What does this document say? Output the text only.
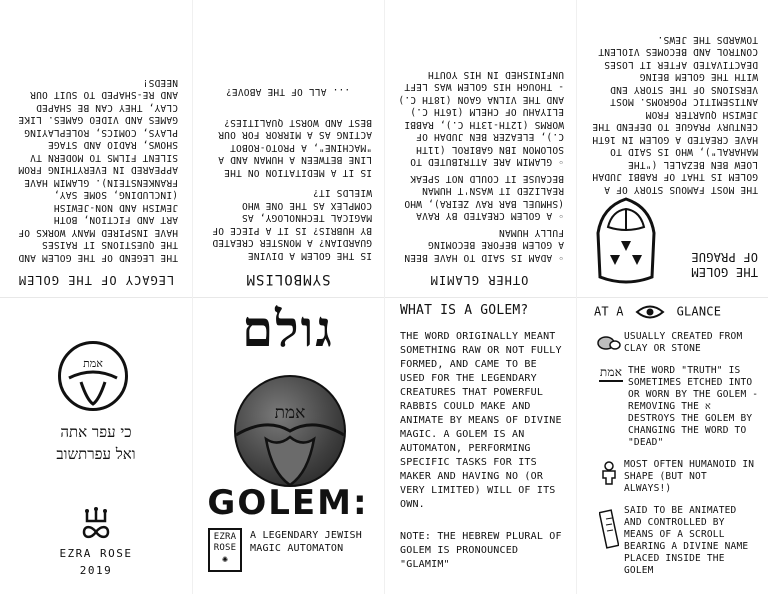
LEGACY OF THE GOLEM
THE LEGEND OF THE GOLEM AND THE QUESTIONS IT RAISES HAVE INSPIRED MANY WORKS OF ART AND FICTION, BOTH JEWISH AND NON-JEWISH (INCLUDING, SOME SAY, FRANKENSTEIN). GLAMIM HAVE APPEARED IN EVERYTHING FROM SILENT FILMS TO MODERN TV SHOWS, RADIO AND STAGE PLAYS, COMICS, ROLEPLAYING GAMES AND VIDEO GAMES. LIKE CLAY, THEY CAN BE SHAPED AND RE-SHAPED TO SUIT OUR NEEDS!
SYMBOLISM
IS THE GOLEM A DIVINE GUARDIAN? A MONSTER CREATED BY HUBRIS? IS IT A PIECE OF MAGICAL TECHNOLOGY, AS COMPLEX AS THE ONE WHO WIELDS IT?
IS IT A MEDITATION ON THE LINE BETWEEN A HUMAN AND A "MACHINE", A PROTO-ROBOT ACTING AS A MIRROR FOR OUR BEST AND WORST QUALITIES?
... ALL OF THE ABOVE?
OTHER GLAMIM
◦ ADAM IS SAID TO HAVE BEEN A GOLEM BEFORE BECOMING FULLY HUMAN
◦ A GOLEM CREATED BY RAVA (SHMUEL BAR RAV ZEIRA), WHO REALIZED IT WASN'T HUMAN BECAUSE IT COULD NOT SPEAK
◦ GLAMIM ARE ATTRIBUTED TO SOLOMON IBN GABIROL (11TH C.), ELEAZER BEN JUDAH OF WORMS (12TH-13TH C.), RABBI ELIYAHU OF CHELM (16TH C.) AND THE VILNA GAON (18TH C.) - THOUGH HIS GOLEM WAS LEFT UNFINISHED IN HIS YOUTH
THE GOLEM OF PRAGUE
THE MOST FAMOUS STORY OF A GOLEM IS THAT OF RABBI JUDAH LOEW BEN BEZALEL ("THE MAHARAL"), WHO IS SAID TO HAVE CREATED A GOLEM IN 16TH CENTURY PRAGUE TO DEFEND THE JEWISH QUARTER FROM ANTISEMITIC POGROMS. MOST VERSIONS OF THE STORY END WITH THE GOLEM BEING DEACTIVATED AFTER IT LOSES CONTROL AND BECOMES VIOLENT TOWARDS THE JEWS.
אמת
כי עפר אתה
ואל עפרתשוב
EZRA ROSE
2019
גולם
אמת
GOLEM:
EZRA
ROSE
✺
A LEGENDARY JEWISH MAGIC AUTOMATON
WHAT IS A GOLEM?
THE WORD ORIGINALLY MEANT SOMETHING RAW OR NOT FULLY FORMED, AND CAME TO BE USED FOR THE LEGENDARY CREATURES THAT POWERFUL RABBIS COULD MAKE AND ANIMATE BY MEANS OF DIVINE MAGIC. A GOLEM IS AN AUTOMATON, PERFORMING SPECIFIC TASKS FOR ITS MAKER AND HAVING NO (OR VERY LIMITED) WILL OF ITS OWN.
NOTE: THE HEBREW PLURAL OF GOLEM IS PRONOUNCED "GLAMIM"
AT A	GLANCE
USUALLY CREATED FROM CLAY OR STONE
אמת THE WORD "TRUTH" IS SOMETIMES ETCHED INTO OR WORN BY THE GOLEM - REMOVING THE א DESTROYS THE GOLEM BY CHANGING THE WORD TO "DEAD"
MOST OFTEN HUMANOID IN SHAPE (BUT NOT ALWAYS!)
SAID TO BE ANIMATED AND CONTROLLED BY MEANS OF A SCROLL BEARING A DIVINE NAME PLACED INSIDE THE GOLEM
